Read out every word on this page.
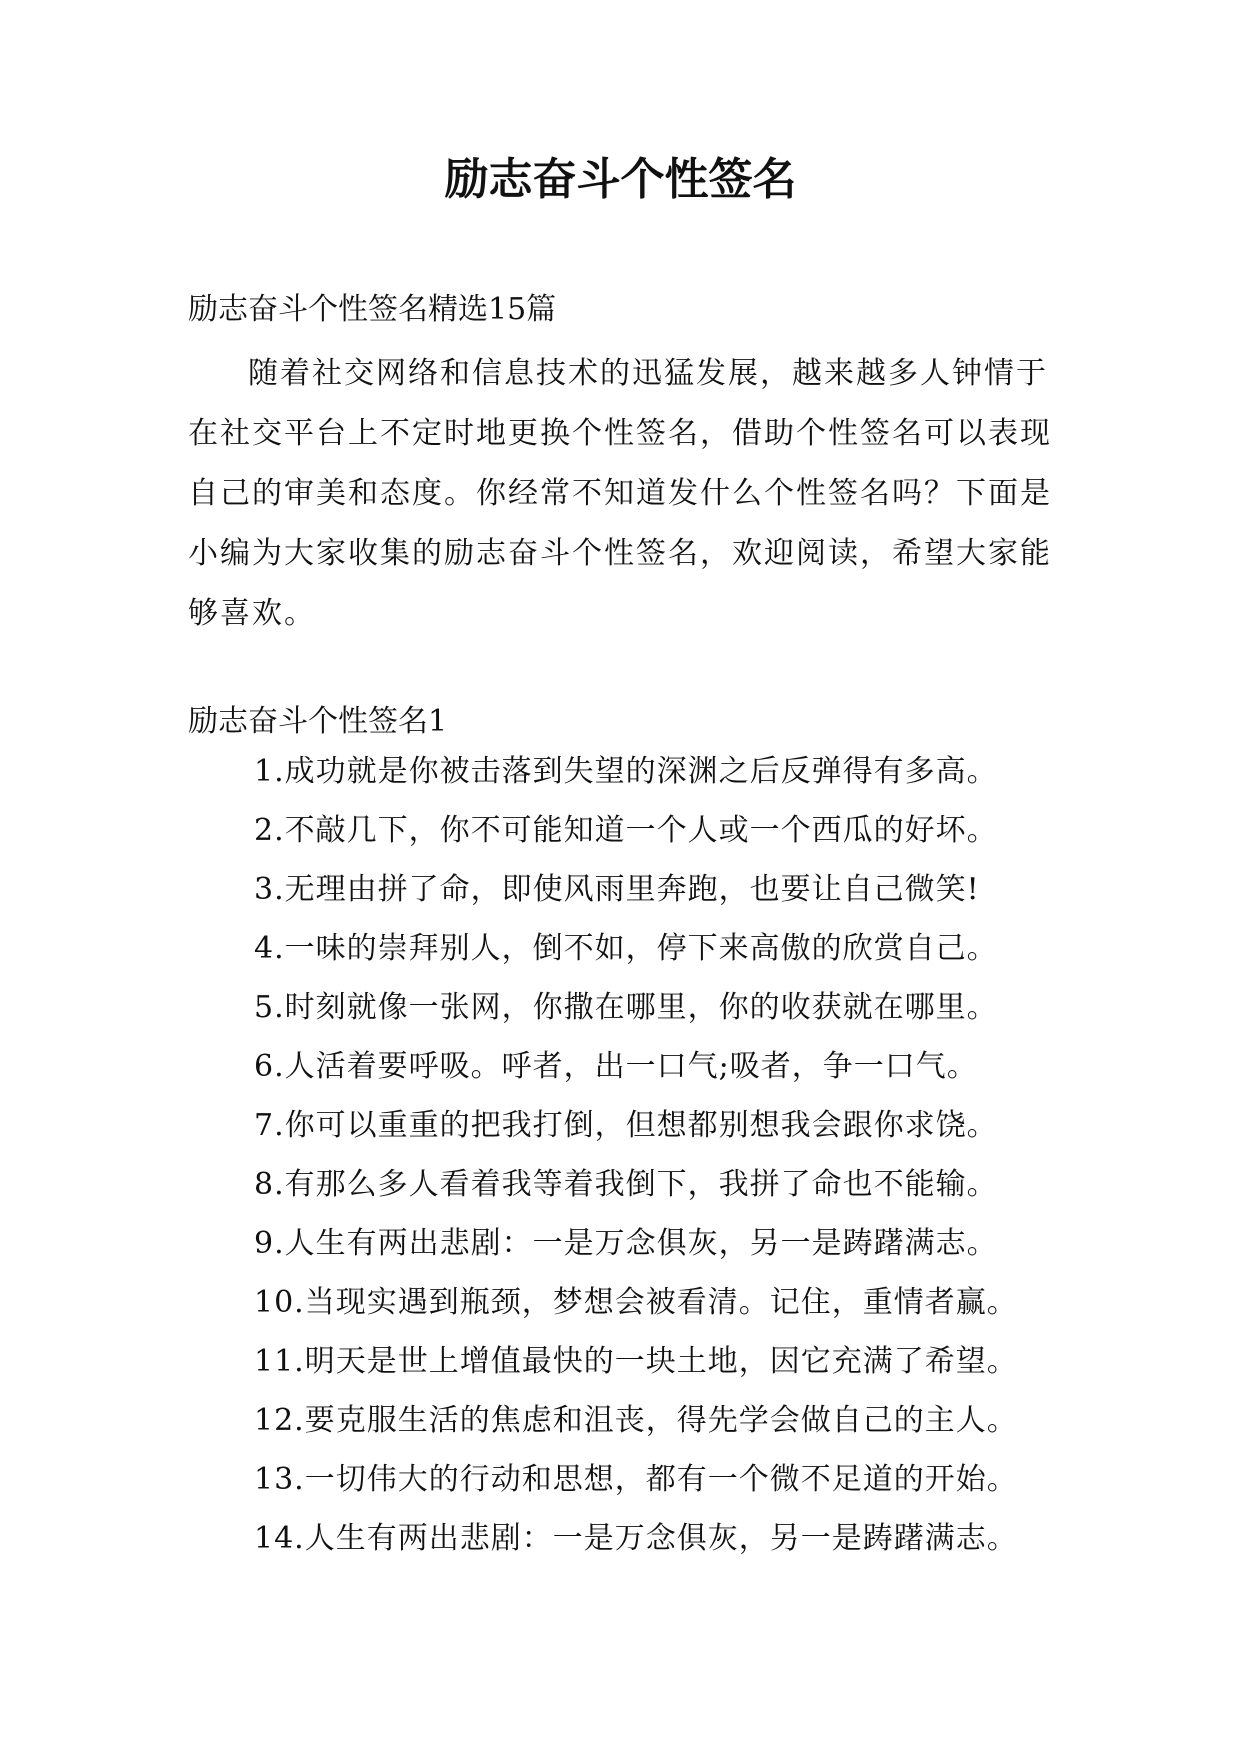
励志奋斗个性签名
励志奋斗个性签名精选15篇

随着社交网络和信息技术的迅猛发展，越来越多人钟情于在社交平台上不定时地更换个性签名，借助个性签名可以表现自己的审美和态度。你经常不知道发什么个性签名吗？下面是小编为大家收集的励志奋斗个性签名，欢迎阅读，希望大家能够喜欢。

励志奋斗个性签名1
1.成功就是你被击落到失望的深渊之后反弹得有多高。
2.不敲几下，你不可能知道一个人或一个西瓜的好坏。
3.无理由拼了命，即使风雨里奔跑，也要让自己微笑!
4.一味的崇拜别人，倒不如，停下来高傲的欣赏自己。
5.时刻就像一张网，你撒在哪里，你的收获就在哪里。
6.人活着要呼吸。呼者，出一口气;吸者，争一口气。
7.你可以重重的把我打倒，但想都别想我会跟你求饶。
8.有那么多人看着我等着我倒下，我拼了命也不能输。
9.人生有两出悲剧：一是万念俱灰，另一是踌躇满志。
10.当现实遇到瓶颈，梦想会被看清。记住，重情者赢。
11.明天是世上增值最快的一块土地，因它充满了希望。
12.要克服生活的焦虑和沮丧，得先学会做自己的主人。
13.一切伟大的行动和思想，都有一个微不足道的开始。
14.人生有两出悲剧：一是万念俱灰，另一是踌躇满志。
